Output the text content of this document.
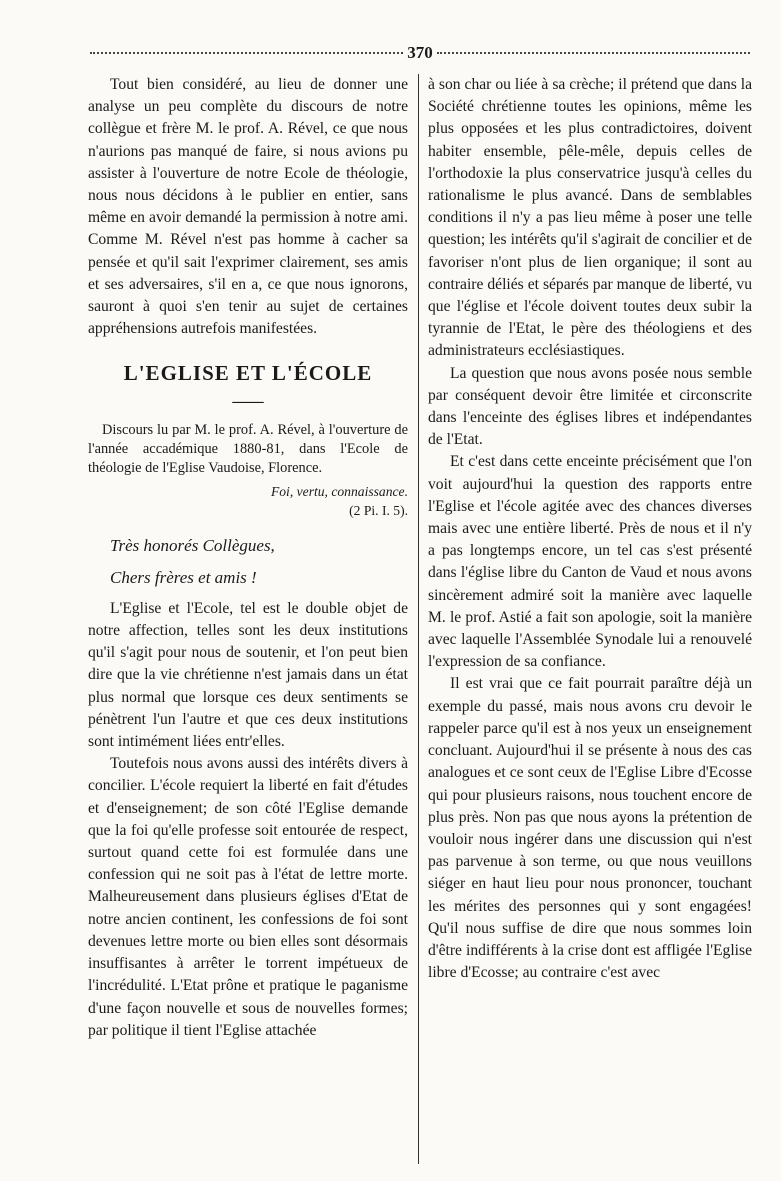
370

Tout bien considéré, au lieu de donner une analyse un peu complète du discours de notre collègue et frère M. le prof. A. Rével, ce que nous n'aurions pas manqué de faire, si nous avions pu assister à l'ouverture de notre Ecole de théologie, nous nous décidons à le publier en entier, sans même en avoir demandé la permission à notre ami. Comme M. Rével n'est pas homme à cacher sa pensée et qu'il sait l'exprimer clairement, ses amis et ses adversaires, s'il en a, ce que nous ignorons, sauront à quoi s'en tenir au sujet de certaines appréhensions autrefois manifestées.

L'EGLISE ET L'ÉCOLE
——

Discours lu par M. le prof. A. Rével, à l'ouverture de l'année accadémique 1880-81, dans l'Ecole de théologie de l'Eglise Vaudoise, Florence.

Foi, vertu, connaissance.
(2 Pi. I. 5).
Très honorés Collègues,
Chers frères et amis !

L'Eglise et l'Ecole, tel est le double objet de notre affection, telles sont les deux institutions qu'il s'agit pour nous de soutenir, et l'on peut bien dire que la vie chrétienne n'est jamais dans un état plus normal que lorsque ces deux sentiments se pénètrent l'un l'autre et que ces deux institutions sont intimément liées entr'elles.

Toutefois nous avons aussi des intérêts divers à concilier. L'école requiert la liberté en fait d'études et d'enseignement; de son côté l'Eglise demande que la foi qu'elle professe soit entourée de respect, surtout quand cette foi est formulée dans une confession qui ne soit pas à l'état de lettre morte. Malheureusement dans plusieurs églises d'Etat de notre ancien continent, les confessions de foi sont devenues lettre morte ou bien elles sont désormais insuffisantes à arrêter le torrent impétueux de l'incrédulité. L'Etat prône et pratique le paganisme d'une façon nouvelle et sous de nouvelles formes; par politique il tient l'Eglise attachée

à son char ou liée à sa crèche; il prétend que dans la Société chrétienne toutes les opinions, même les plus opposées et les plus contradictoires, doivent habiter ensemble, pêle-mêle, depuis celles de l'orthodoxie la plus conservatrice jusqu'à celles du rationalisme le plus avancé. Dans de semblables conditions il n'y a pas lieu même à poser une telle question; les intérêts qu'il s'agirait de concilier et de favoriser n'ont plus de lien organique; il sont au contraire déliés et séparés par manque de liberté, vu que l'église et l'école doivent toutes deux subir la tyrannie de l'Etat, le père des théologiens et des administrateurs ecclésiastiques.

La question que nous avons posée nous semble par conséquent devoir être limitée et circonscrite dans l'enceinte des églises libres et indépendantes de l'Etat.

Et c'est dans cette enceinte précisément que l'on voit aujourd'hui la question des rapports entre l'Eglise et l'école agitée avec des chances diverses mais avec une entière liberté. Près de nous et il n'y a pas longtemps encore, un tel cas s'est présenté dans l'église libre du Canton de Vaud et nous avons sincèrement admiré soit la manière avec laquelle M. le prof. Astié a fait son apologie, soit la manière avec laquelle l'Assemblée Synodale lui a renouvelé l'expression de sa confiance.

Il est vrai que ce fait pourrait paraître déjà un exemple du passé, mais nous avons cru devoir le rappeler parce qu'il est à nos yeux un enseignement concluant. Aujourd'hui il se présente à nous des cas analogues et ce sont ceux de l'Eglise Libre d'Ecosse qui pour plusieurs raisons, nous touchent encore de plus près. Non pas que nous ayons la prétention de vouloir nous ingérer dans une discussion qui n'est pas parvenue à son terme, ou que nous veuillons siéger en haut lieu pour nous prononcer, touchant les mérites des personnes qui y sont engagées! Qu'il nous suffise de dire que nous sommes loin d'être indifférents à la crise dont est affligée l'Eglise libre d'Ecosse; au contraire c'est avec
